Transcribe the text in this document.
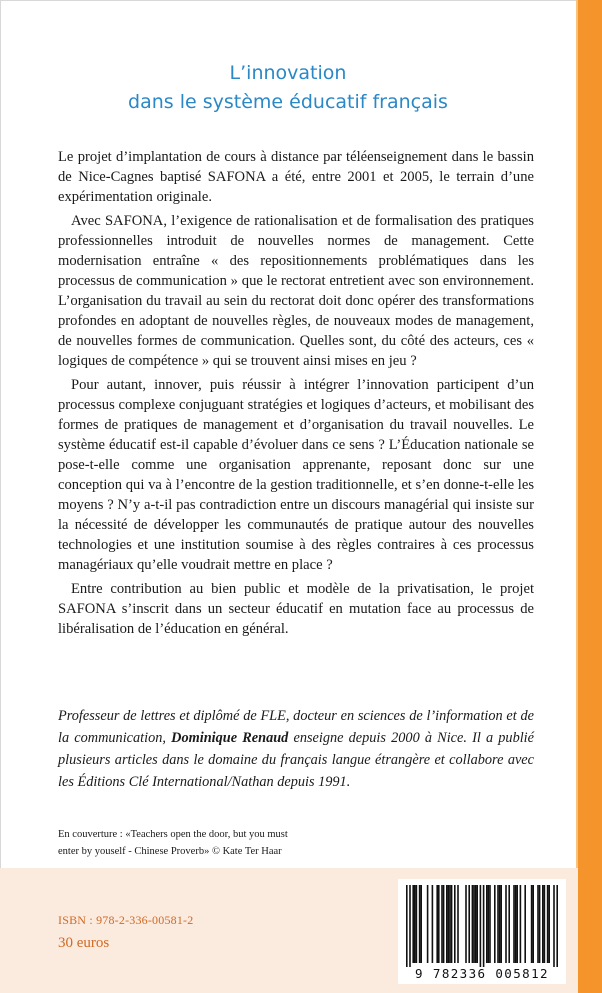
L’innovation
dans le système éducatif français

Le projet d’implantation de cours à distance par téléenseignement dans le bassin de Nice-Cagnes baptisé SAFONA a été, entre 2001 et 2005, le terrain d’une expérimentation originale.

Avec SAFONA, l’exigence de rationalisation et de formalisation des pratiques professionnelles introduit de nouvelles normes de management. Cette modernisation entraîne « des repositionnements problématiques dans les processus de communication » que le rectorat entretient avec son environnement. L’organisation du travail au sein du rectorat doit donc opérer des transformations profondes en adoptant de nouvelles règles, de nouveaux modes de management, de nouvelles formes de communication. Quelles sont, du côté des acteurs, ces « logiques de compétence » qui se trouvent ainsi mises en jeu ?

Pour autant, innover, puis réussir à intégrer l’innovation participent d’un processus complexe conjuguant stratégies et logiques d’acteurs, et mobilisant des formes de pratiques de management et d’organisation du travail nouvelles. Le système éducatif est-il capable d’évoluer dans ce sens ? L’Éducation nationale se pose-t-elle comme une organisation apprenante, reposant donc sur une conception qui va à l’encontre de la gestion traditionnelle, et s’en donne-t-elle les moyens ? N’y a-t-il pas contradiction entre un discours managérial qui insiste sur la nécessité de développer les communautés de pratique autour des nouvelles technologies et une institution soumise à des règles contraires à ces processus managériaux qu’elle voudrait mettre en place ?

Entre contribution au bien public et modèle de la privatisation, le projet SAFONA s’inscrit dans un secteur éducatif en mutation face au processus de libéralisation de l’éducation en général.

Professeur de lettres et diplômé de FLE, docteur en sciences de l’information et de la communication, Dominique Renaud enseigne depuis 2000 à Nice. Il a publié plusieurs articles dans le domaine du français langue étrangère et collabore avec les Éditions Clé International/Nathan depuis 1991.

En couverture : «Teachers open the door, but you must
enter by youself - Chinese Proverb» © Kate Ter Haar

ISBN : 978-2-336-00581-2
30 euros
9 782336 005812
